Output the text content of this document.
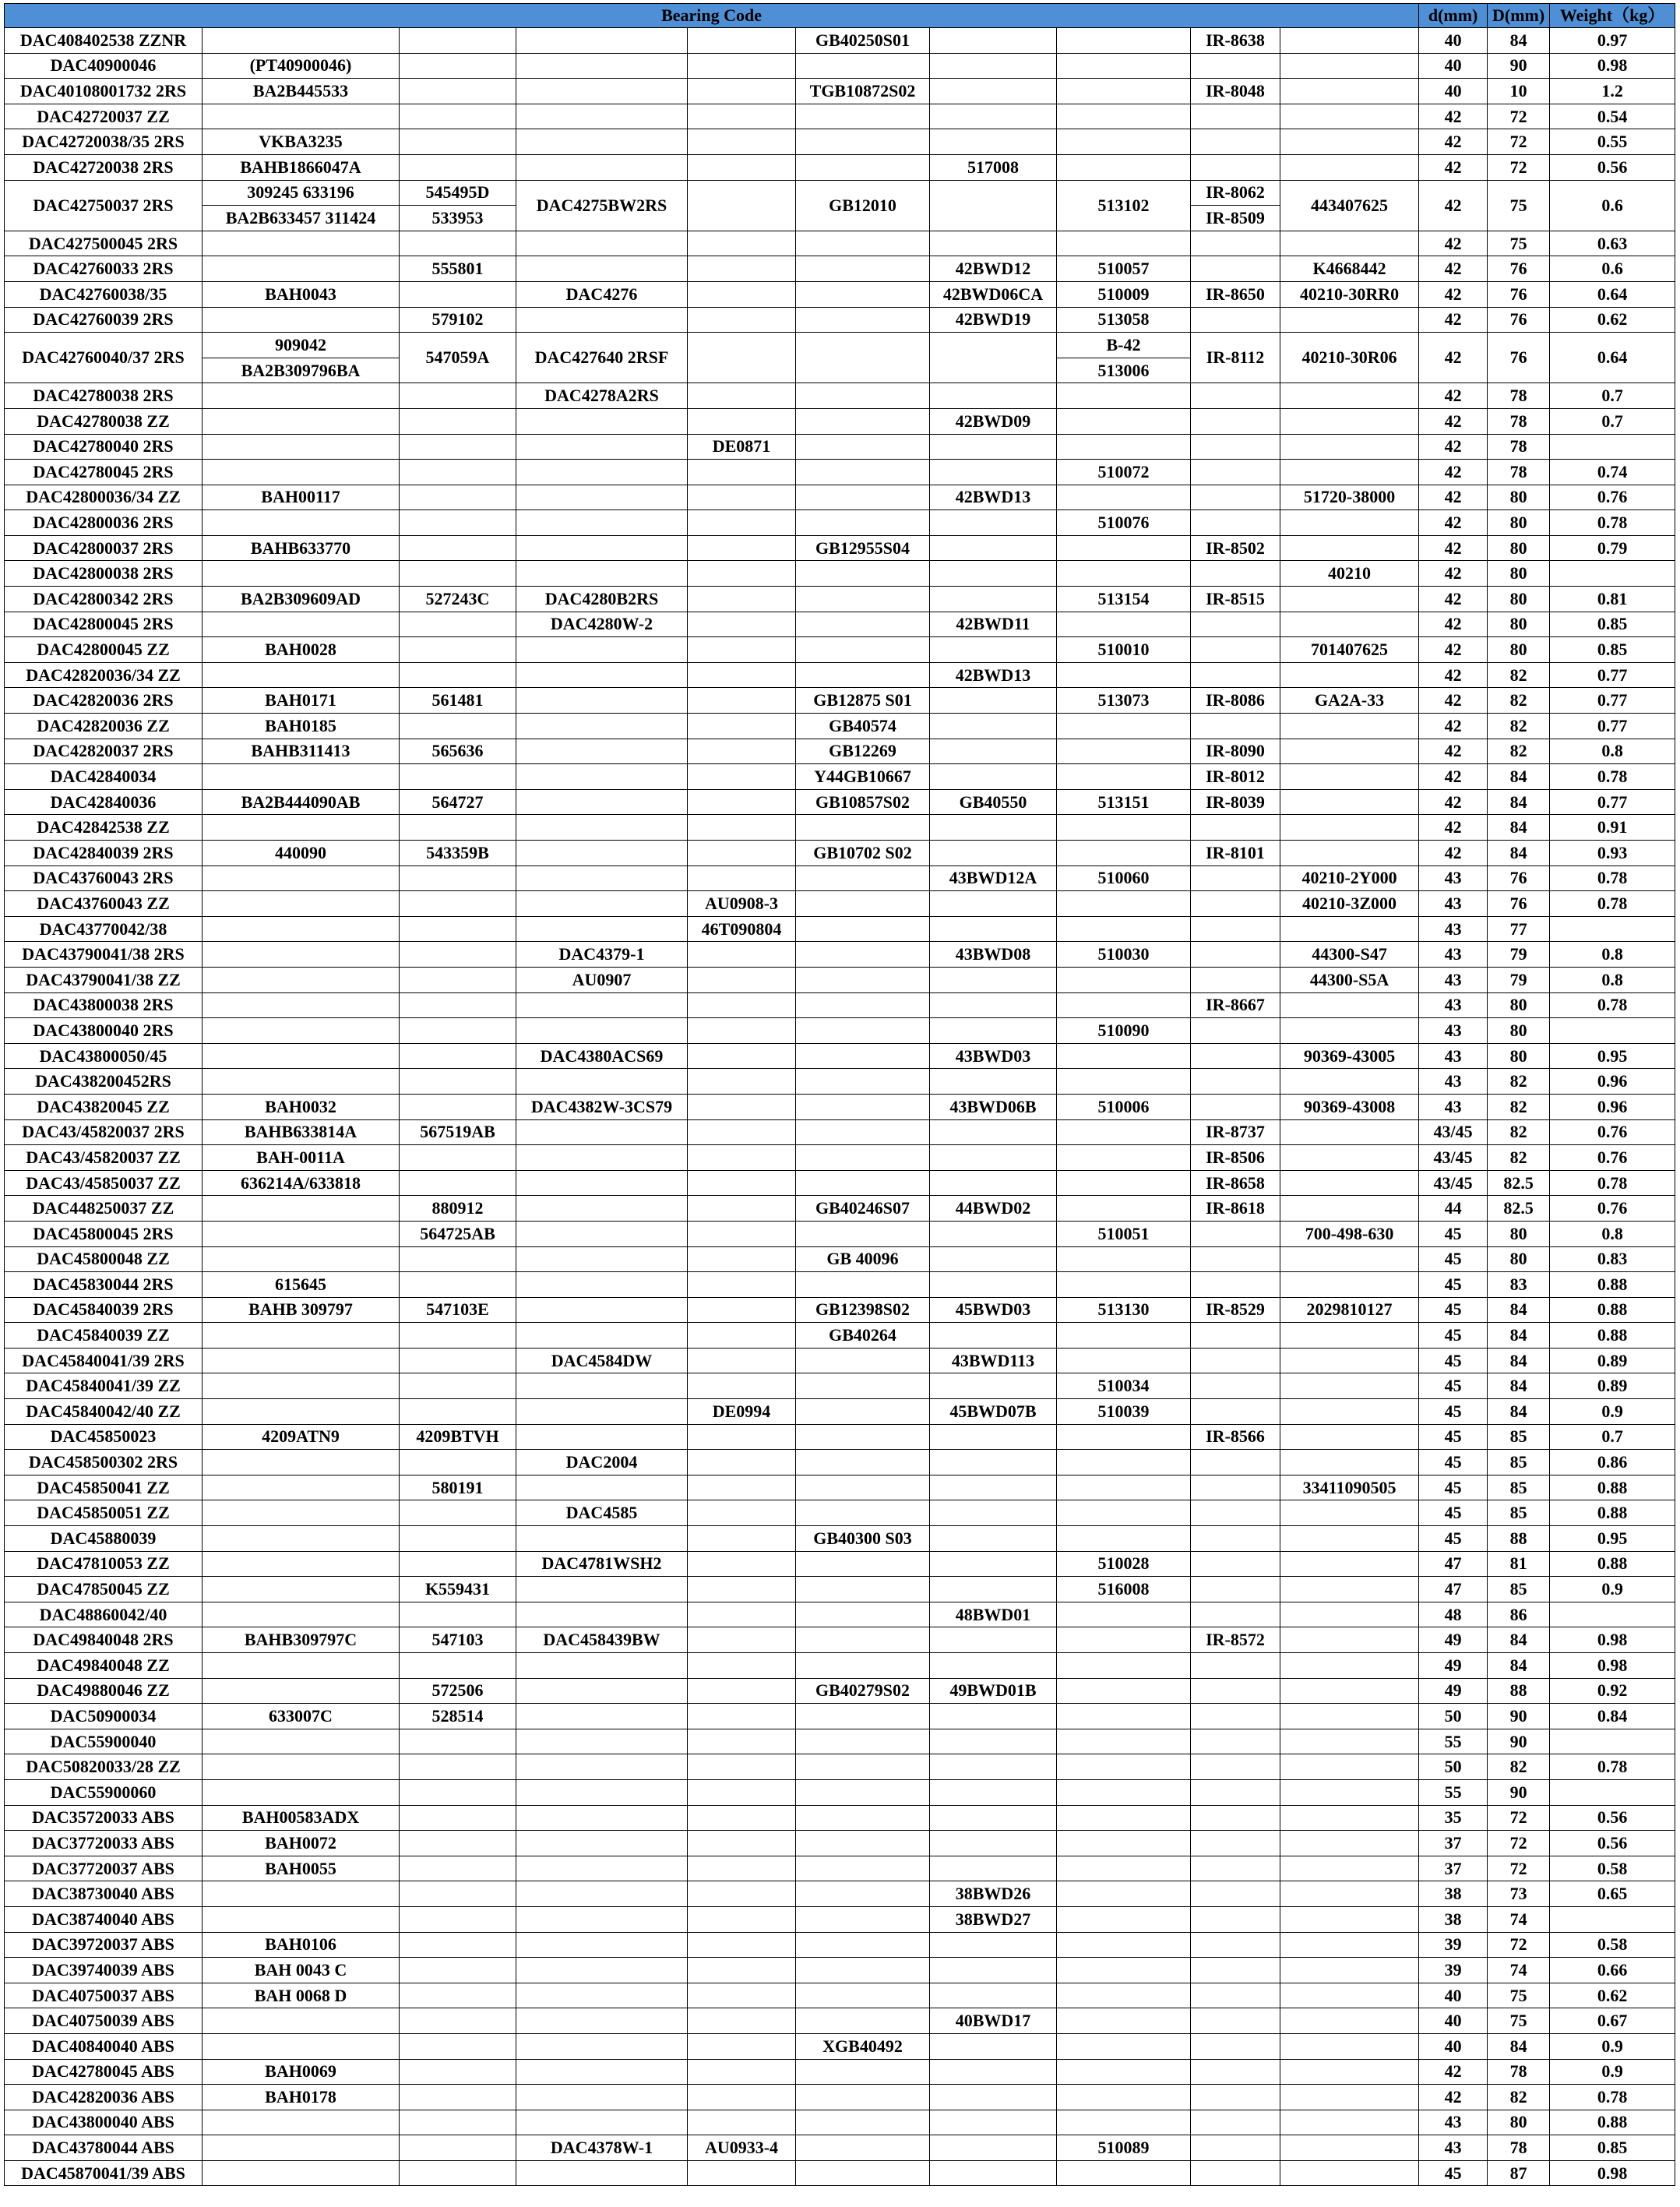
Bearing Code										d(mm)	D(mm)	Weight（kg）
DAC408402538 ZZNR					GB40250S01			IR-8638		40	84	0.97
DAC40900046	(PT40900046)									40	90	0.98
DAC40108001732 2RS	BA2B445533				TGB10872S02			IR-8048		40	10	1.2
DAC42720037 ZZ										42	72	0.54
DAC42720038/35 2RS	VKBA3235									42	72	0.55
DAC42720038 2RS	BAHB1866047A					517008				42	72	0.56
DAC42750037 2RS	309245 633196	545495D	DAC4275BW2RS		GB12010		513102	IR-8062	443407625	42	75	0.6
	BA2B633457 311424	533953						IR-8509				
DAC427500045 2RS										42	75	0.63
DAC42760033 2RS		555801				42BWD12	510057		K4668442	42	76	0.6
DAC42760038/35	BAH0043		DAC4276			42BWD06CA	510009	IR-8650	40210-30RR0	42	76	0.64
DAC42760039 2RS		579102				42BWD19	513058			42	76	0.62
DAC42760040/37 2RS	909042	547059A	DAC427640 2RSF				B-42	IR-8112	40210-30R06	42	76	0.64
	BA2B309796BA						513006					
DAC42780038 2RS			DAC4278A2RS							42	78	0.7
DAC42780038 ZZ						42BWD09				42	78	0.7
DAC42780040 2RS				DE0871						42	78	
DAC42780045 2RS							510072			42	78	0.74
DAC42800036/34 ZZ	BAH00117					42BWD13			51720-38000	42	80	0.76
DAC42800036 2RS							510076			42	80	0.78
DAC42800037 2RS	BAHB633770				GB12955S04			IR-8502		42	80	0.79
DAC42800038 2RS									40210	42	80	
DAC42800342 2RS	BA2B309609AD	527243C	DAC4280B2RS				513154	IR-8515		42	80	0.81
DAC42800045 2RS			DAC4280W-2			42BWD11				42	80	0.85
DAC42800045 ZZ	BAH0028						510010		701407625	42	80	0.85
DAC42820036/34 ZZ						42BWD13				42	82	0.77
DAC42820036 2RS	BAH0171	561481			GB12875 S01		513073	IR-8086	GA2A-33	42	82	0.77
DAC42820036 ZZ	BAH0185				GB40574					42	82	0.77
DAC42820037 2RS	BAHB311413	565636			GB12269			IR-8090		42	82	0.8
DAC42840034					Y44GB10667			IR-8012		42	84	0.78
DAC42840036	BA2B444090AB	564727			GB10857S02	GB40550	513151	IR-8039		42	84	0.77
DAC42842538 ZZ										42	84	0.91
DAC42840039 2RS	440090	543359B			GB10702 S02			IR-8101		42	84	0.93
DAC43760043 2RS						43BWD12A	510060		40210-2Y000	43	76	0.78
DAC43760043 ZZ				AU0908-3					40210-3Z000	43	76	0.78
DAC43770042/38				46T090804						43	77	
DAC43790041/38 2RS			DAC4379-1			43BWD08	510030		44300-S47	43	79	0.8
DAC43790041/38 ZZ			AU0907						44300-S5A	43	79	0.8
DAC43800038 2RS								IR-8667		43	80	0.78
DAC43800040 2RS							510090			43	80	
DAC43800050/45			DAC4380ACS69			43BWD03			90369-43005	43	80	0.95
DAC438200452RS										43	82	0.96
DAC43820045 ZZ	BAH0032		DAC4382W-3CS79			43BWD06B	510006		90369-43008	43	82	0.96
DAC43/45820037 2RS	BAHB633814A	567519AB						IR-8737		43/45	82	0.76
DAC43/45820037 ZZ	BAH-0011A							IR-8506		43/45	82	0.76
DAC43/45850037 ZZ	636214A/633818							IR-8658		43/45	82.5	0.78
DAC448250037 ZZ		880912			GB40246S07	44BWD02		IR-8618		44	82.5	0.76
DAC45800045 2RS		564725AB					510051		700-498-630	45	80	0.8
DAC45800048 ZZ					GB 40096					45	80	0.83
DAC45830044 2RS	615645									45	83	0.88
DAC45840039 2RS	BAHB 309797	547103E			GB12398S02	45BWD03	513130	IR-8529	2029810127	45	84	0.88
DAC45840039 ZZ					GB40264					45	84	0.88
DAC45840041/39 2RS			DAC4584DW			43BWD113				45	84	0.89
DAC45840041/39 ZZ							510034			45	84	0.89
DAC45840042/40 ZZ				DE0994		45BWD07B	510039			45	84	0.9
DAC45850023	4209ATN9	4209BTVH						IR-8566		45	85	0.7
DAC458500302 2RS			DAC2004							45	85	0.86
DAC45850041 ZZ		580191							33411090505	45	85	0.88
DAC45850051 ZZ			DAC4585							45	85	0.88
DAC45880039					GB40300 S03					45	88	0.95
DAC47810053 ZZ			DAC4781WSH2				510028			47	81	0.88
DAC47850045 ZZ		K559431					516008			47	85	0.9
DAC48860042/40						48BWD01				48	86	
DAC49840048 2RS	BAHB309797C	547103	DAC458439BW					IR-8572		49	84	0.98
DAC49840048 ZZ										49	84	0.98
DAC49880046 ZZ		572506			GB40279S02	49BWD01B				49	88	0.92
DAC50900034	633007C	528514								50	90	0.84
DAC55900040										55	90	
DAC50820033/28 ZZ										50	82	0.78
DAC55900060										55	90	
DAC35720033 ABS	BAH00583ADX									35	72	0.56
DAC37720033 ABS	BAH0072									37	72	0.56
DAC37720037 ABS	BAH0055									37	72	0.58
DAC38730040 ABS						38BWD26				38	73	0.65
DAC38740040 ABS						38BWD27				38	74	
DAC39720037 ABS	BAH0106									39	72	0.58
DAC39740039 ABS	BAH 0043 C									39	74	0.66
DAC40750037 ABS	BAH 0068 D									40	75	0.62
DAC40750039 ABS						40BWD17				40	75	0.67
DAC40840040 ABS					XGB40492					40	84	0.9
DAC42780045 ABS	BAH0069									42	78	0.9
DAC42820036 ABS	BAH0178									42	82	0.78
DAC43800040 ABS										43	80	0.88
DAC43780044 ABS			DAC4378W-1	AU0933-4			510089			43	78	0.85
DAC45870041/39 ABS										45	87	0.98
